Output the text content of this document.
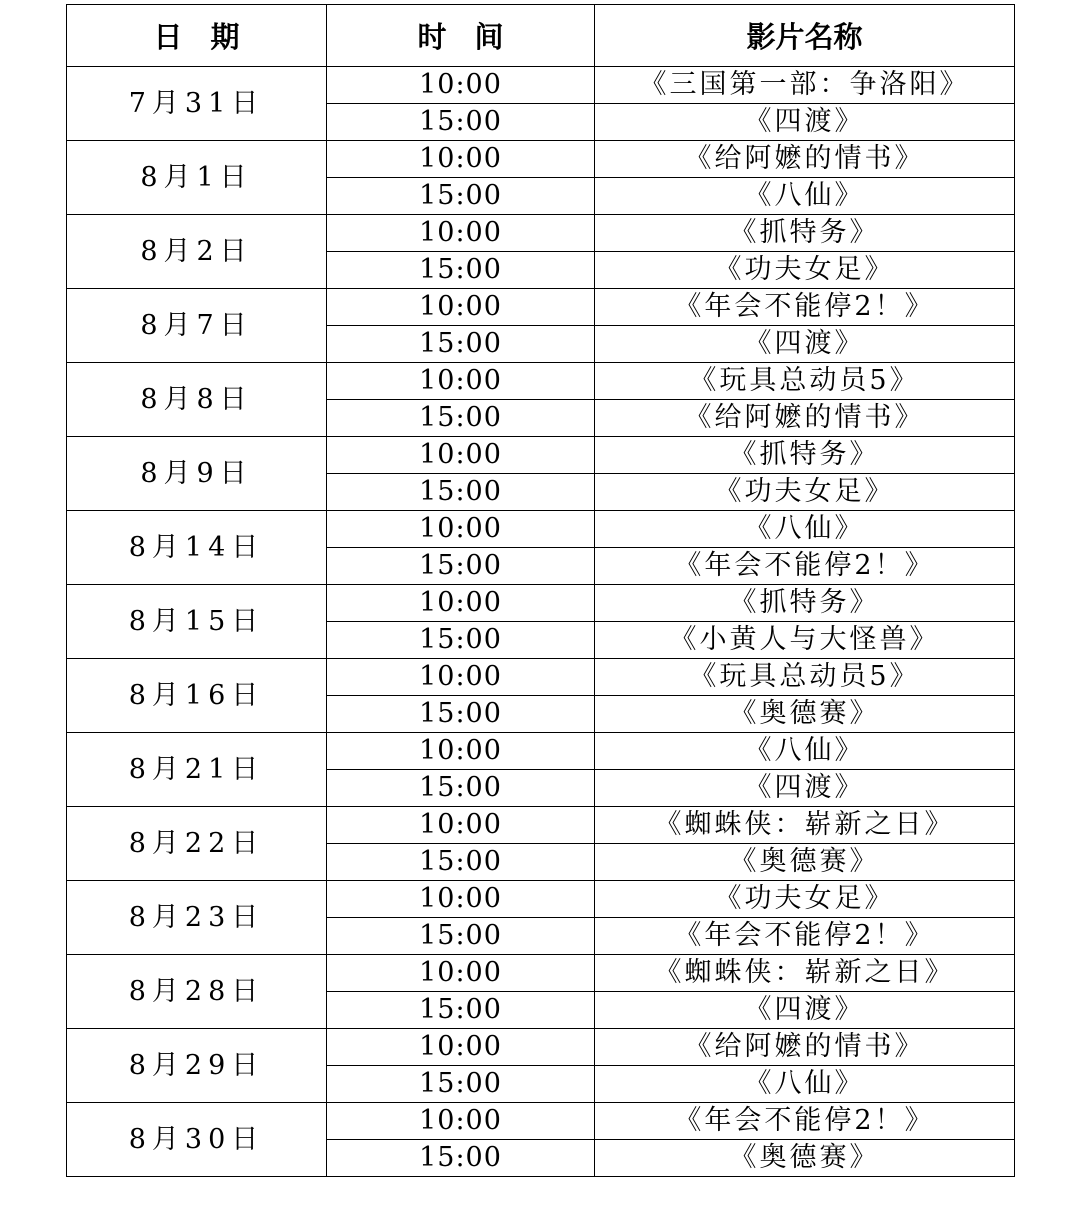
日期	时间	影片名称
7月31日	10:00	《三国第一部：争洛阳》
	15:00	《四渡》
8月1日	10:00	《给阿嬷的情书》
	15:00	《八仙》
8月2日	10:00	《抓特务》
	15:00	《功夫女足》
8月7日	10:00	《年会不能停2！》
	15:00	《四渡》
8月8日	10:00	《玩具总动员5》
	15:00	《给阿嬷的情书》
8月9日	10:00	《抓特务》
	15:00	《功夫女足》
8月14日	10:00	《八仙》
	15:00	《年会不能停2！》
8月15日	10:00	《抓特务》
	15:00	《小黄人与大怪兽》
8月16日	10:00	《玩具总动员5》
	15:00	《奥德赛》
8月21日	10:00	《八仙》
	15:00	《四渡》
8月22日	10:00	《蜘蛛侠：崭新之日》
	15:00	《奥德赛》
8月23日	10:00	《功夫女足》
	15:00	《年会不能停2！》
8月28日	10:00	《蜘蛛侠：崭新之日》
	15:00	《四渡》
8月29日	10:00	《给阿嬷的情书》
	15:00	《八仙》
8月30日	10:00	《年会不能停2！》
	15:00	《奥德赛》
